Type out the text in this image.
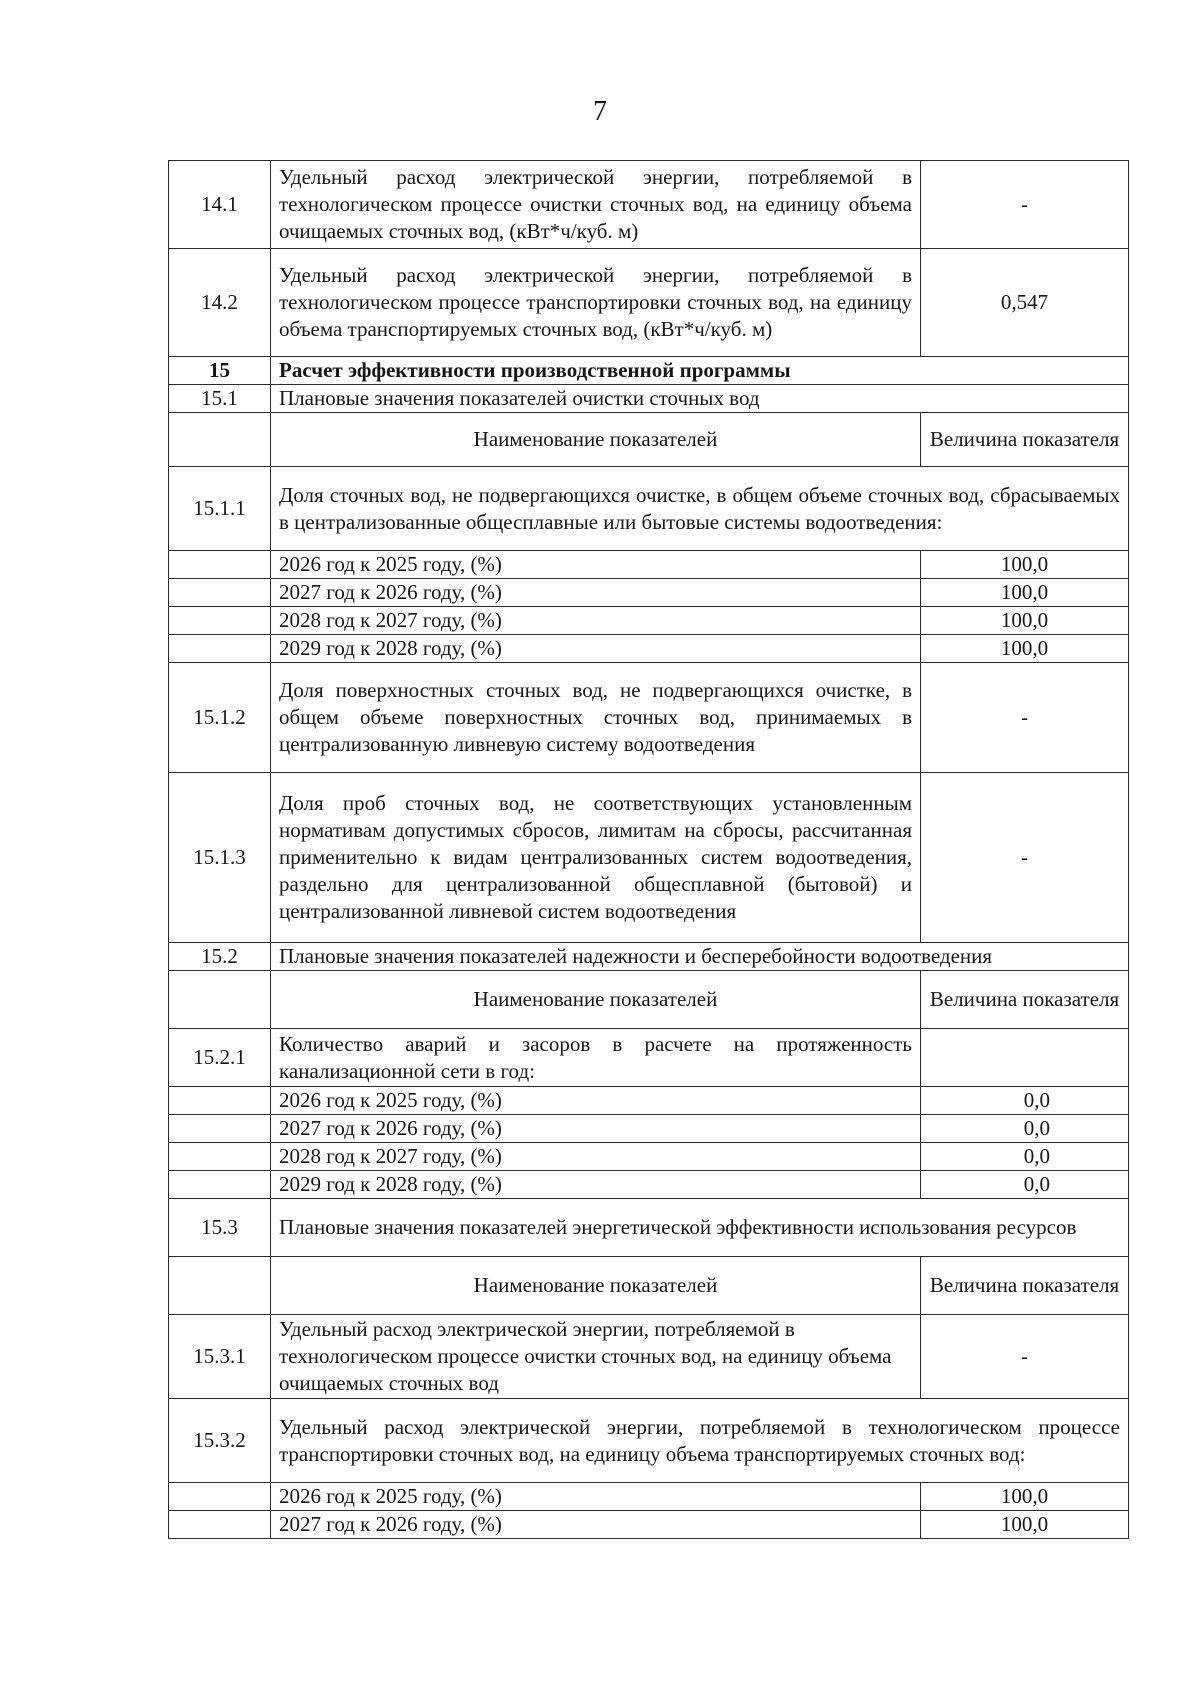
7
14.1	Удельный расход электрической энергии, потребляемой в технологическом процессе очистки сточных вод, на единицу объема очищаемых сточных вод, (кВт*ч/куб. м)	-
14.2	Удельный расход электрической энергии, потребляемой в технологическом процессе транспортировки сточных вод, на единицу объема транспортируемых сточных вод, (кВт*ч/куб. м)	0,547
15	Расчет эффективности производственной программы	
15.1	Плановые значения показателей очистки сточных вод	
	Наименование показателей	Величина показателя
15.1.1	Доля сточных вод, не подвергающихся очистке, в общем объеме сточных вод, сбрасываемых в централизованные общесплавные или бытовые системы водоотведения:	
	2026 год к 2025 году, (%)	100,0
	2027 год к 2026 году, (%)	100,0
	2028 год к 2027 году, (%)	100,0
	2029 год к 2028 году, (%)	100,0
15.1.2	Доля поверхностных сточных вод, не подвергающихся очистке, в общем объеме поверхностных сточных вод, принимаемых в централизованную ливневую систему водоотведения	-
15.1.3	Доля проб сточных вод, не соответствующих установленным нормативам допустимых сбросов, лимитам на сбросы, рассчитанная применительно к видам централизованных систем водоотведения, раздельно для централизованной общесплавной (бытовой) и централизованной ливневой систем водоотведения	-
15.2	Плановые значения показателей надежности и бесперебойности водоотведения	
	Наименование показателей	Величина показателя
15.2.1	Количество аварий и засоров в расчете на протяженность канализационной сети в год:	
	2026 год к 2025 году, (%)	0,0
	2027 год к 2026 году, (%)	0,0
	2028 год к 2027 году, (%)	0,0
	2029 год к 2028 году, (%)	0,0
15.3	Плановые значения показателей энергетической эффективности использования ресурсов	
	Наименование показателей	Величина показателя
15.3.1	Удельный расход электрической энергии, потребляемой в технологическом процессе очистки сточных вод, на единицу объема очищаемых сточных вод	-
15.3.2	Удельный расход электрической энергии, потребляемой в технологическом процессе транспортировки сточных вод, на единицу объема транспортируемых сточных вод:	
	2026 год к 2025 году, (%)	100,0
	2027 год к 2026 году, (%)	100,0
